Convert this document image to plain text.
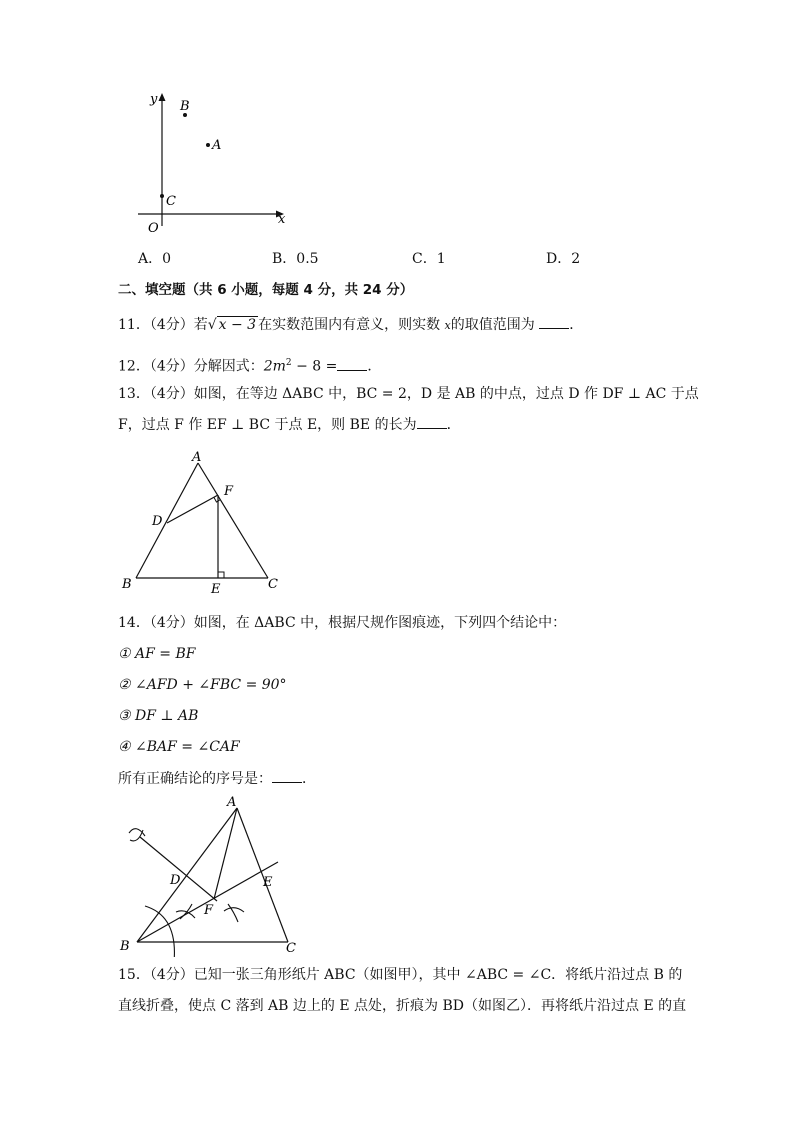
y
x
O
B
A
C
A．0	B．0.5	C．1	D．2
二、填空题（共 6 小题，每题 4 分，共 24 分）
11．（4分）若√ x − 3 在实数范围内有意义，则实数 x的取值范围为 ．
12．（4分）分解因式：$2m^2 - 8$ = ．
13．（4分）如图，在等边 ΔABC 中，BC = 2，D 是 AB 的中点，过点 D 作 DF ⊥ AC 于点
F，过点 F 作 EF ⊥ BC 于点 E，则 BE 的长为 ．
A
B	C
D
E
F
14．（4分）如图，在 ΔABC 中，根据尺规作图痕迹，下列四个结论中：
① AF = BF
② ∠AFD + ∠FBC = 90°
③ DF ⊥ AB
④ ∠BAF = ∠CAF
所有正确结论的序号是： ．
A
B	C
D	E
F
15．（4分）已知一张三角形纸片 ABC（如图甲），其中 ∠ABC = ∠C．将纸片沿过点 B 的
直线折叠，使点 C 落到 AB 边上的 E 点处，折痕为 BD（如图乙）．再将纸片沿过点 E 的直
